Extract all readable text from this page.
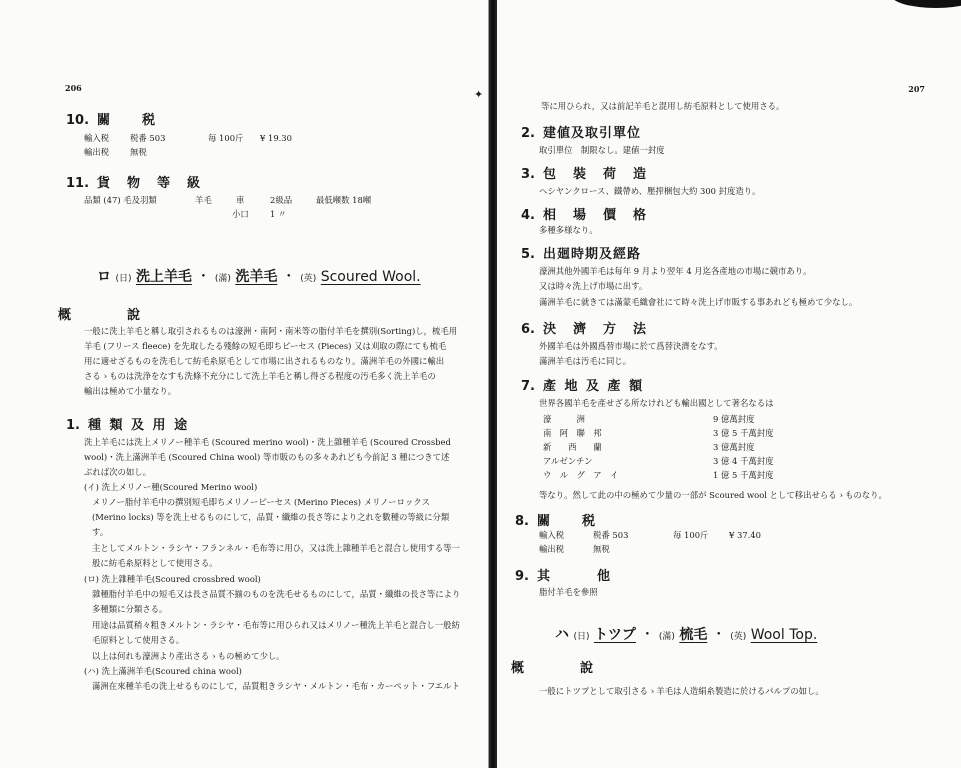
206	✦
10. 關　　税
輸入税 税番 503	毎 100斤 ¥ 19.30
輸出税 無税
11. 貨　物　等　級
品類 (47) 毛及羽類	羊毛	車	2級品	最低噸数 18噸
小口	1 〃
ロ (日) 洗上羊毛 ・ (滿) 洗羊毛 ・ (英) Scoured Wool.
概　　說
一般に洗上羊毛と稱し取引されるものは濠洲・南阿・南米等の脂付羊毛を撰別(Sorting)し，梳毛用
羊毛 (フリース fleece) を先取したる殘餘の短毛即ちピーセス (Pieces) 又は刈取の際にても梳毛
用に適せざるものを洗毛して紡毛糸原毛として市場に出されるものなり。滿洲羊毛の外國に輸出
さるゝものは洗浄をなすも洗條不充分にして洗上羊毛と稱し得ざる程度の汚毛多く洗上羊毛の
輸出は極めて小量なり。
1. 種 類 及 用 途
洗上羊毛には洗上メリノー種羊毛 (Scoured merino wool)・洗上雜種羊毛 (Scoured Crossbed
wool)・洗上滿洲羊毛 (Scoured China wool) 等市販のもの多々あれども今前記 3 種につきて述
ぶれば次の如し。
(イ) 洗上メリノー種(Scoured Merino wool)
メリノー脂付羊毛中の撰別短毛即ちメリノーピーセス (Merino Pieces) メリノーロックス
(Merino locks) 等を洗上せるものにして，品質・纖維の長さ等により之れを數種の等級に分類
す。
主としてメルトン・ラシヤ・フランネル・毛布等に用ひ，又は洗上雜種羊毛と混合し使用する等一
般に紡毛糸原料として使用さる。
(ロ) 洗上雜種羊毛(Scoured crossbred wool)
雜種脂付羊毛中の短毛又は長さ品質不揃のものを洗毛せるものにして，品質・纖維の長さ等により
多種類に分類さる。
用途は品質稍々粗きメルトン・ラシヤ・毛布等に用ひられ又はメリノー種洗上羊毛と混合し一般紡
毛原料として使用さる。
以上は何れも濠洲より產出さるゝもの極めて少し。
(ハ) 洗上滿洲羊毛(Scoured china wool)
滿洲在來種羊毛の洗上せるものにして，品質粗きラシヤ・メルトン・毛布・カーペット・フエルト
207
等に用ひられ，又は前記羊毛と混用し紡毛原料として使用さる。
2. 建値及取引單位
取引單位　制限なし。建値一封度
3. 包　裝　荷　造
ヘシヤンクロース、鐵帶め、壓搾梱包大約 300 封度造り。
4. 相　場　價　格
多種多様なり。
5. 出廻時期及經路
濠洲其他外國羊毛は每年 9 月より翌年 4 月迄各產地の市場に競市あり。
又は時々洗上げ市場に出す。
滿洲羊毛に就きては滿蒙毛織會社にて時々洗上げ市販する事あれども極めて少なし。
6. 決　濟　方　法
外國羊毛は外國爲替市場に於て爲替決濟をなす。
滿洲羊毛は汚毛に同じ。
7. 產 地 及 產 額
世界各國羊毛を產せざる所なけれども輸出國として著名なるは
濠　　　洲	9 億萬封度
南　阿　聯　邦	3 億 5 千萬封度
新　　西　　蘭	3 億萬封度
アルゼンチン	3 億 4 千萬封度
ウ　ル　グ　ア　イ	1 億 5 千萬封度
等なり。然して此の中の極めて少量の一部が Scoured wool として移出せらるゝものなり。
8. 關　　税
輸入税	税番 503	毎 100斤 ¥ 37.40
輸出税	無税
9. 其　　　他
脂付羊毛を參照
ハ (日) トツプ ・ (滿) 梳毛 ・ (英) Wool Top.
概　　說
一般にトツプとして取引さるゝ羊毛は人造絹糸製造に於けるパルプの如し。
